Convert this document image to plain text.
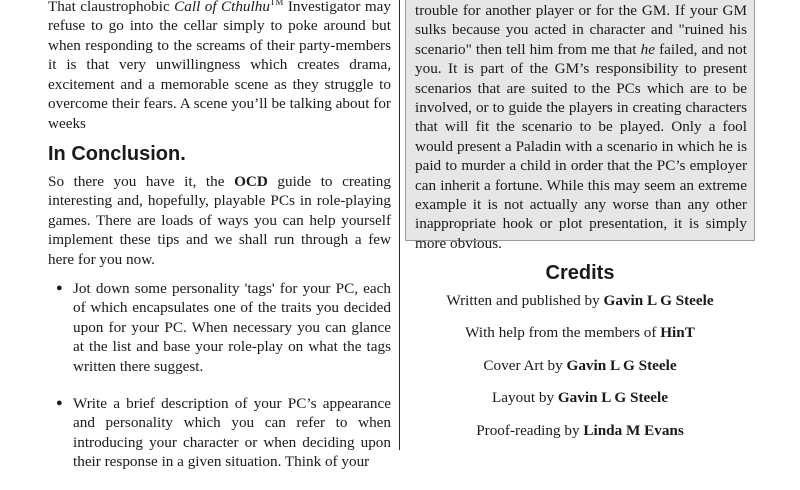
That claustrophobic Call of Cthulhu™ Investigator may refuse to go into the cellar simply to poke around but when responding to the screams of their party-members it is that very unwillingness which creates drama, excitement and a memorable scene as they struggle to overcome their fears. A scene you’ll be talking about for weeks

In Conclusion.

So there you have it, the OCD guide to creating interesting and, hopefully, playable PCs in role-playing games. There are loads of ways you can help yourself implement these tips and we shall run through a few here for you now.

● Jot down some personality 'tags' for your PC, each of which encapsulates one of the traits you decided upon for your PC. When necessary you can glance at the list and base your role-play on what the tags written there suggest.
● Write a brief description of your PC’s appearance and personality which you can refer to when introducing your character or when deciding upon their response in a given situation. Think of your

trouble for another player or for the GM. If your GM sulks because you acted in character and "ruined his scenario" then tell him from me that he failed, and not you. It is part of the GM’s responsibility to present scenarios that are suited to the PCs which are to be involved, or to guide the players in creating characters that will fit the scenario to be played. Only a fool would present a Paladin with a scenario in which he is paid to murder a child in order that the PC’s employer can inherit a fortune. While this may seem an extreme example it is not actually any worse than any other inappropriate hook or plot presentation, it is simply more obvious.

Credits
Written and published by Gavin L G Steele
With help from the members of HinT
Cover Art by Gavin L G Steele
Layout by Gavin L G Steele
Proof-reading by Linda M Evans
